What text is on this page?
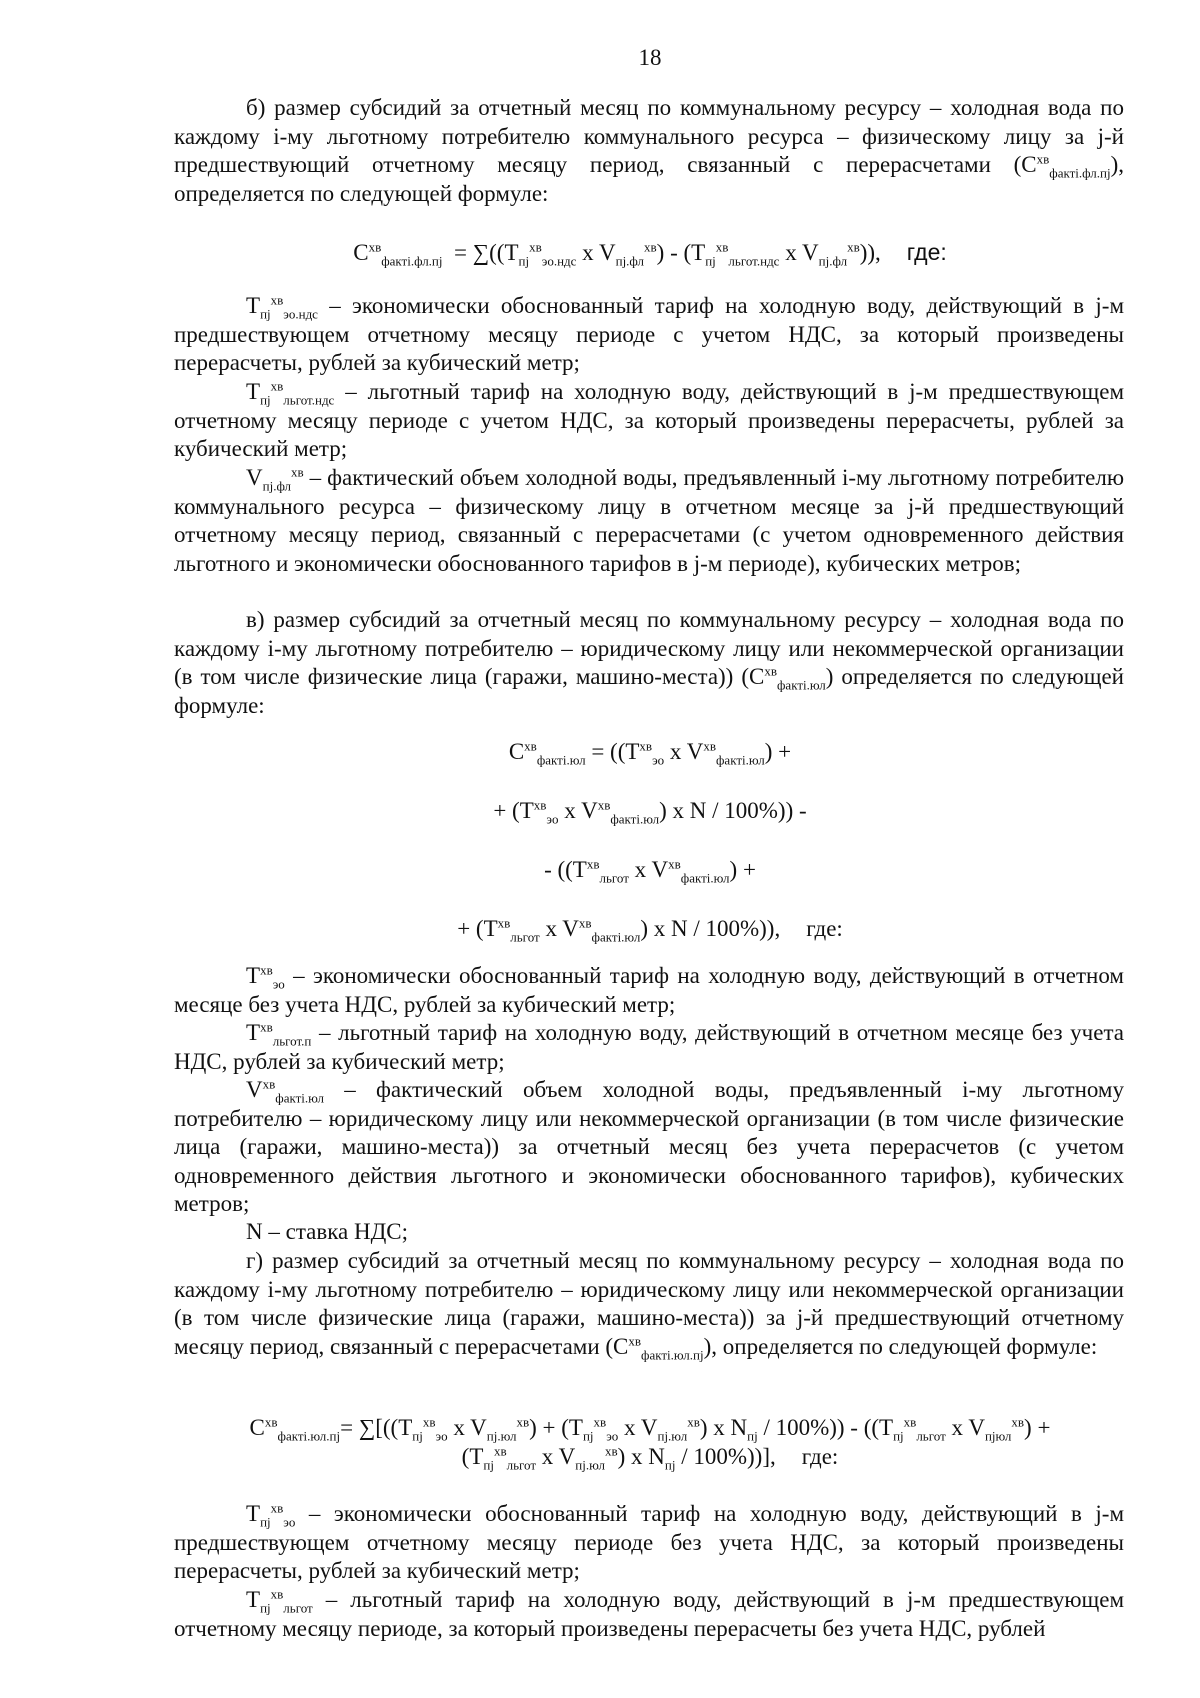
18
б) размер субсидий за отчетный месяц по коммунальному ресурсу – холодная вода по каждому i-му льготному потребителю коммунального ресурса – физическому лицу за j-й предшествующий отчетному месяцу период, связанный с перерасчетами $(C^{хв}_{фактi.фл.пj})$, определяется по следующей формуле:
$C^{хв}_{фактi.фл.пj} = \sum((T_{пj}^{хв}_{эо.ндс}$ x $V_{пj.фл}^{хв}) - (T_{пj}^{хв}_{льгот.ндс}$ x $V_{пj.фл}^{хв}$)), где:
$T_{пj}^{хв}_{эо.ндс}$ – экономически обоснованный тариф на холодную воду, действующий в j-м предшествующем отчетному месяцу периоде с учетом НДС, за который произведены перерасчеты, рублей за кубический метр;
$T_{пj}^{хв}_{льгот.ндс}$ – льготный тариф на холодную воду, действующий в j-м предшествующем отчетному месяцу периоде с учетом НДС, за который произведены перерасчеты, рублей за кубический метр;
$V_{пj.фл}^{хв}$ – фактический объем холодной воды, предъявленный i-му льготному потребителю коммунального ресурса – физическому лицу в отчетном месяце за j-й предшествующий отчетному месяцу период, связанный с перерасчетами (с учетом одновременного действия льготного и экономически обоснованного тарифов в j-м периоде), кубических метров;
в) размер субсидий за отчетный месяц по коммунальному ресурсу – холодная вода по каждому i-му льготному потребителю – юридическому лицу или некоммерческой организации (в том числе физические лица (гаражи, машино-места)) $(C^{хв}_{фактi.юл})$ определяется по следующей формуле:
$C^{хв}_{фактi.юл} = ((T^{хв}_{эо}$ x $V^{хв}_{фактi.юл}$) +
+ ($T^{хв}_{эо}$ x $V^{хв}_{фактi.юл}$) x N / 100%)) -
- (($T^{хв}_{льгот}$ x $V^{хв}_{фактi.юл}$) +
+ ($T^{хв}_{льгот}$ x $V^{хв}_{фактi.юл}$) x N / 100%)), где:
$T^{хв}_{эо}$ – экономически обоснованный тариф на холодную воду, действующий в отчетном месяце без учета НДС, рублей за кубический метр;
$T^{хв}_{льгот.п}$ – льготный тариф на холодную воду, действующий в отчетном месяце без учета НДС, рублей за кубический метр;
$V^{хв}_{фактi.юл}$ – фактический объем холодной воды, предъявленный i-му льготному потребителю – юридическому лицу или некоммерческой организации (в том числе физические лица (гаражи, машино-места)) за отчетный месяц без учета перерасчетов (с учетом одновременного действия льготного и экономически обоснованного тарифов), кубических метров;
N – ставка НДС;
г) размер субсидий за отчетный месяц по коммунальному ресурсу – холодная вода по каждому i-му льготному потребителю – юридическому лицу или некоммерческой организации (в том числе физические лица (гаражи, машино-места)) за j-й предшествующий отчетному месяцу период, связанный с перерасчетами $(C^{хв}_{фактi.юл.пj})$, определяется по следующей формуле:
$C^{хв}_{фактi.юл.пj}= \sum[((T_{пj}^{хв}_{эо}$ x $V_{пj.юл}^{хв}) + (T_{пj}^{хв}_{эо}$ x $V_{пj.юл}^{хв}$) x $N_{пj} / 100\%)) - ((T_{пj}^{хв}_{льгот}$ x $V_{пjюл}^{хв}$) +
($T_{пj}^{хв}_{льгот}$ x $V_{пj.юл}^{хв}$) x $N_{пj} / 100\%$))], где:
$T_{пj}^{хв}_{эо}$ – экономически обоснованный тариф на холодную воду, действующий в j-м предшествующем отчетному месяцу периоде без учета НДС, за который произведены перерасчеты, рублей за кубический метр;
$T_{пj}^{хв}_{льгот}$ – льготный тариф на холодную воду, действующий в j-м предшествующем отчетному месяцу периоде, за который произведены перерасчеты без учета НДС, рублей
